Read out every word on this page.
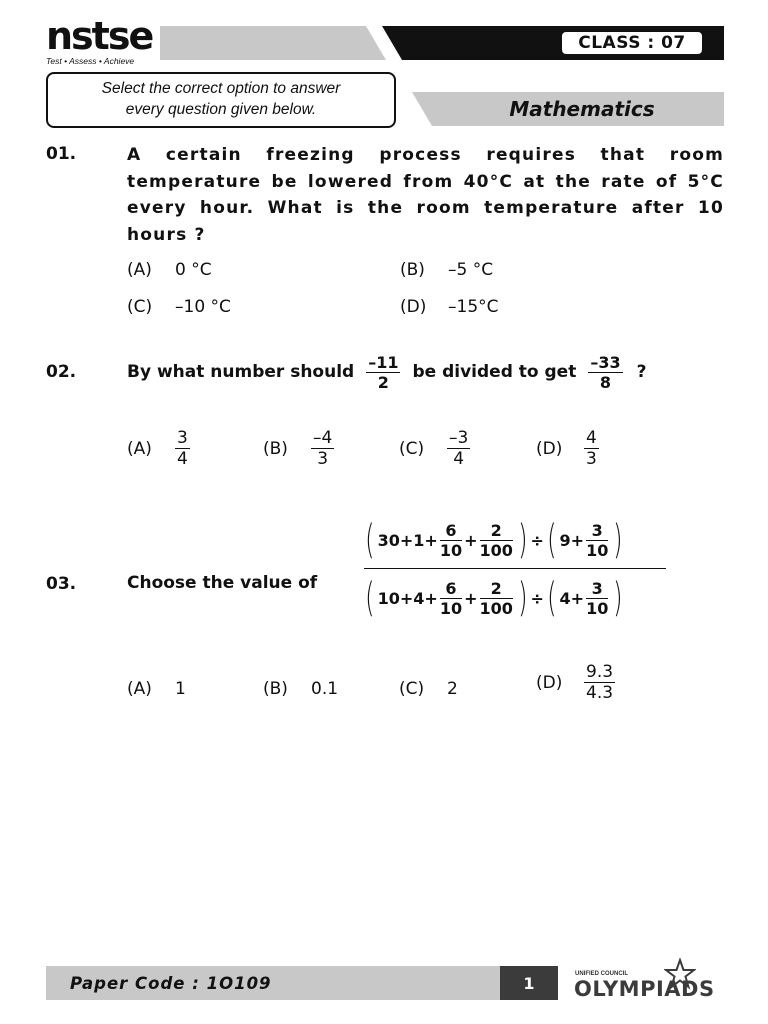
nstse
Test • Assess • Achieve
CLASS : 07
Select the correct option to answer
every question given below.	Mathematics
01.	A certain freezing process requires that room temperature be lowered from 40°C at the rate of 5°C every hour. What is the room temperature after 10 hours ?
(A) 0 °C	(B) –5 °C
(C) –10 °C	(D) –15°C
02.	By what number should $\frac{-11}{2}$ be divided to get $\frac{-33}{8}$ ?
(A)	$\frac{3}{4}$	(B)	$\frac{-4}{3}$	(C)	$\frac{-3}{4}$	(D)	$\frac{4}{3}$
03.	Choose the value of
( 30+1+
6
10
+
2
100 ) ÷ ( 9+
3
10 )
( 10+4+
6
10
+
2
100 ) ÷ ( 4+
3
10 )
(A) 1	(B) 0.1	(C) 2	(D)	$\frac{9.3}{4.3}$
Paper Code : 1O109	1	UNIFIED COUNCIL
OLYMPIADS
